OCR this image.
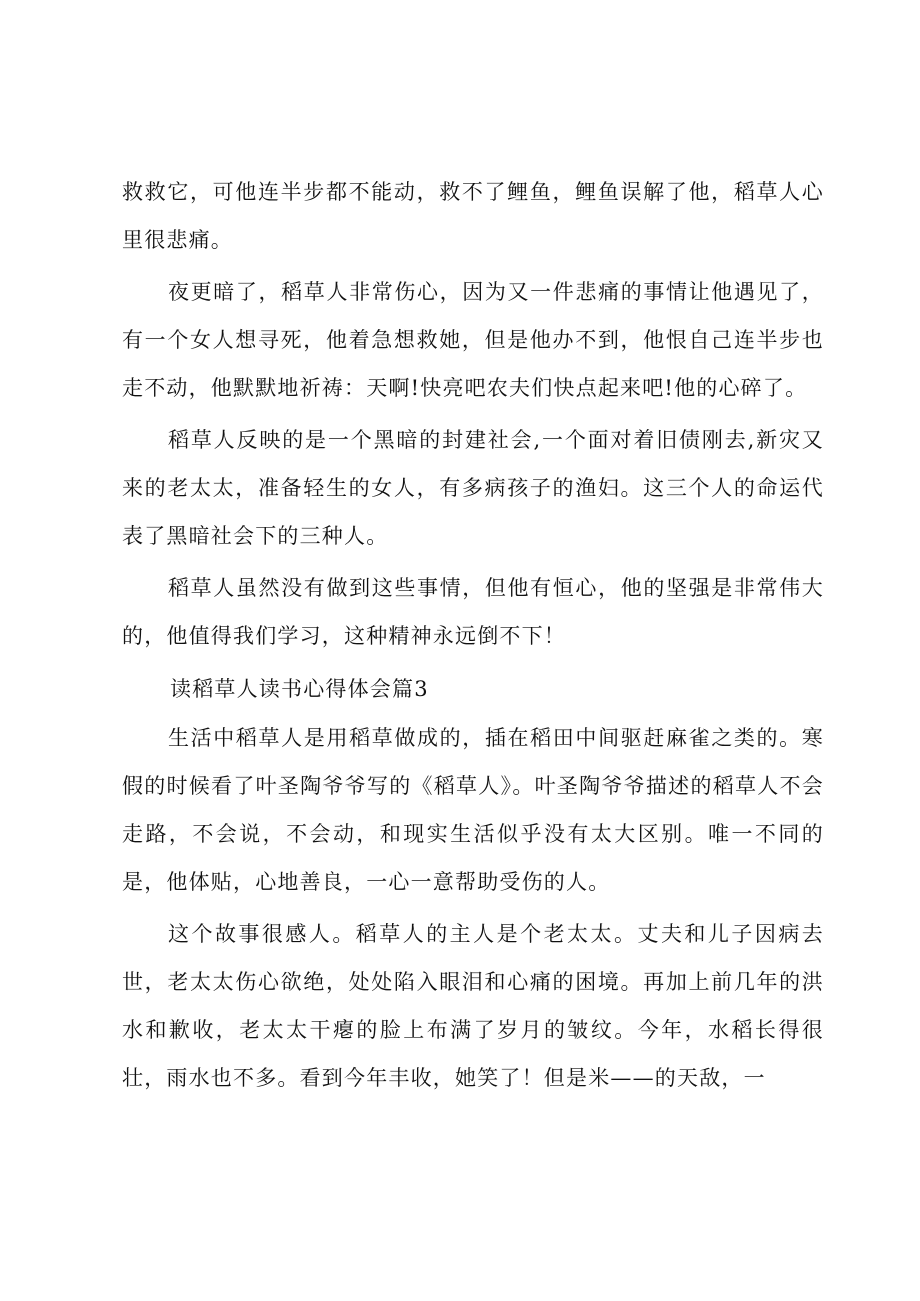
救救它，可他连半步都不能动，救不了鲤鱼，鲤鱼误解了他，稻草人心里很悲痛。

夜更暗了，稻草人非常伤心，因为又一件悲痛的事情让他遇见了，有一个女人想寻死，他着急想救她，但是他办不到，他恨自己连半步也走不动，他默默地祈祷：天啊!快亮吧农夫们快点起来吧!他的心碎了。

稻草人反映的是一个黑暗的封建社会,一个面对着旧债刚去,新灾又来的老太太，准备轻生的女人，有多病孩子的渔妇。这三个人的命运代表了黑暗社会下的三种人。

稻草人虽然没有做到这些事情，但他有恒心，他的坚强是非常伟大的，他值得我们学习，这种精神永远倒不下！

读稻草人读书心得体会篇3

生活中稻草人是用稻草做成的，插在稻田中间驱赶麻雀之类的。寒假的时候看了叶圣陶爷爷写的《稻草人》。叶圣陶爷爷描述的稻草人不会走路，不会说，不会动，和现实生活似乎没有太大区别。唯一不同的是，他体贴，心地善良，一心一意帮助受伤的人。

这个故事很感人。稻草人的主人是个老太太。丈夫和儿子因病去世，老太太伤心欲绝，处处陷入眼泪和心痛的困境。再加上前几年的洪水和歉收，老太太干瘪的脸上布满了岁月的皱纹。今年，水稻长得很壮，雨水也不多。看到今年丰收，她笑了！但是米——的天敌，一
